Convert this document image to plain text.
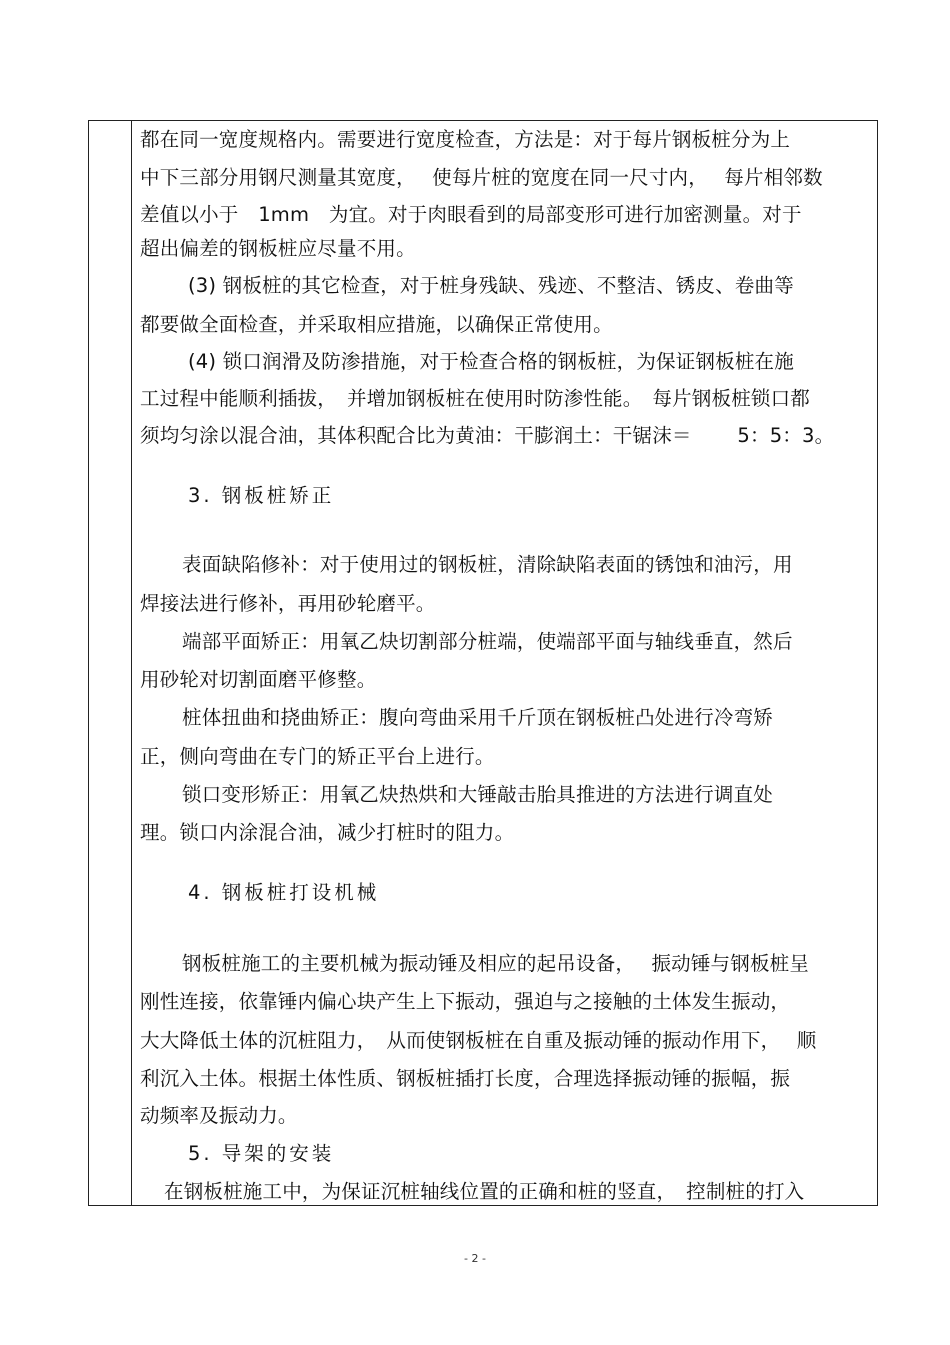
都在同一宽度规格内。需要进行宽度检查，方法是：对于每片钢板桩分为上
中下三部分用钢尺测量其宽度，　 使每片桩的宽度在同一尺寸内，　 每片相邻数
差值以小于　1mm　为宜。对于肉眼看到的局部变形可进行加密测量。对于
超出偏差的钢板桩应尽量不用。
(3) 钢板桩的其它检查，对于桩身残缺、残迹、不整洁、锈皮、卷曲等
都要做全面检查，并采取相应措施，以确保正常使用。
(4) 锁口润滑及防渗措施，对于检查合格的钢板桩，为保证钢板桩在施
工过程中能顺利插拔，　并增加钢板桩在使用时防渗性能。　每片钢板桩锁口都
须均匀涂以混合油，其体积配合比为黄油：干膨润土：干锯沫＝　　 5：5：3。
3. 钢板桩矫正
表面缺陷修补：对于使用过的钢板桩，清除缺陷表面的锈蚀和油污，用
焊接法进行修补，再用砂轮磨平。
端部平面矫正：用氧乙炔切割部分桩端，使端部平面与轴线垂直，然后
用砂轮对切割面磨平修整。
桩体扭曲和挠曲矫正：腹向弯曲采用千斤顶在钢板桩凸处进行冷弯矫
正，侧向弯曲在专门的矫正平台上进行。
锁口变形矫正：用氧乙炔热烘和大锤敲击胎具推进的方法进行调直处
理。锁口内涂混合油，减少打桩时的阻力。
4. 钢板桩打设机械
钢板桩施工的主要机械为振动锤及相应的起吊设备，　 振动锤与钢板桩呈
刚性连接，依靠锤内偏心块产生上下振动，强迫与之接触的土体发生振动，
大大降低土体的沉桩阻力，　从而使钢板桩在自重及振动锤的振动作用下，　 顺
利沉入土体。根据土体性质、钢板桩插打长度，合理选择振动锤的振幅，振
动频率及振动力。
5. 导架的安装
在钢板桩施工中，为保证沉桩轴线位置的正确和桩的竖直，　控制桩的打入
- 2 -
